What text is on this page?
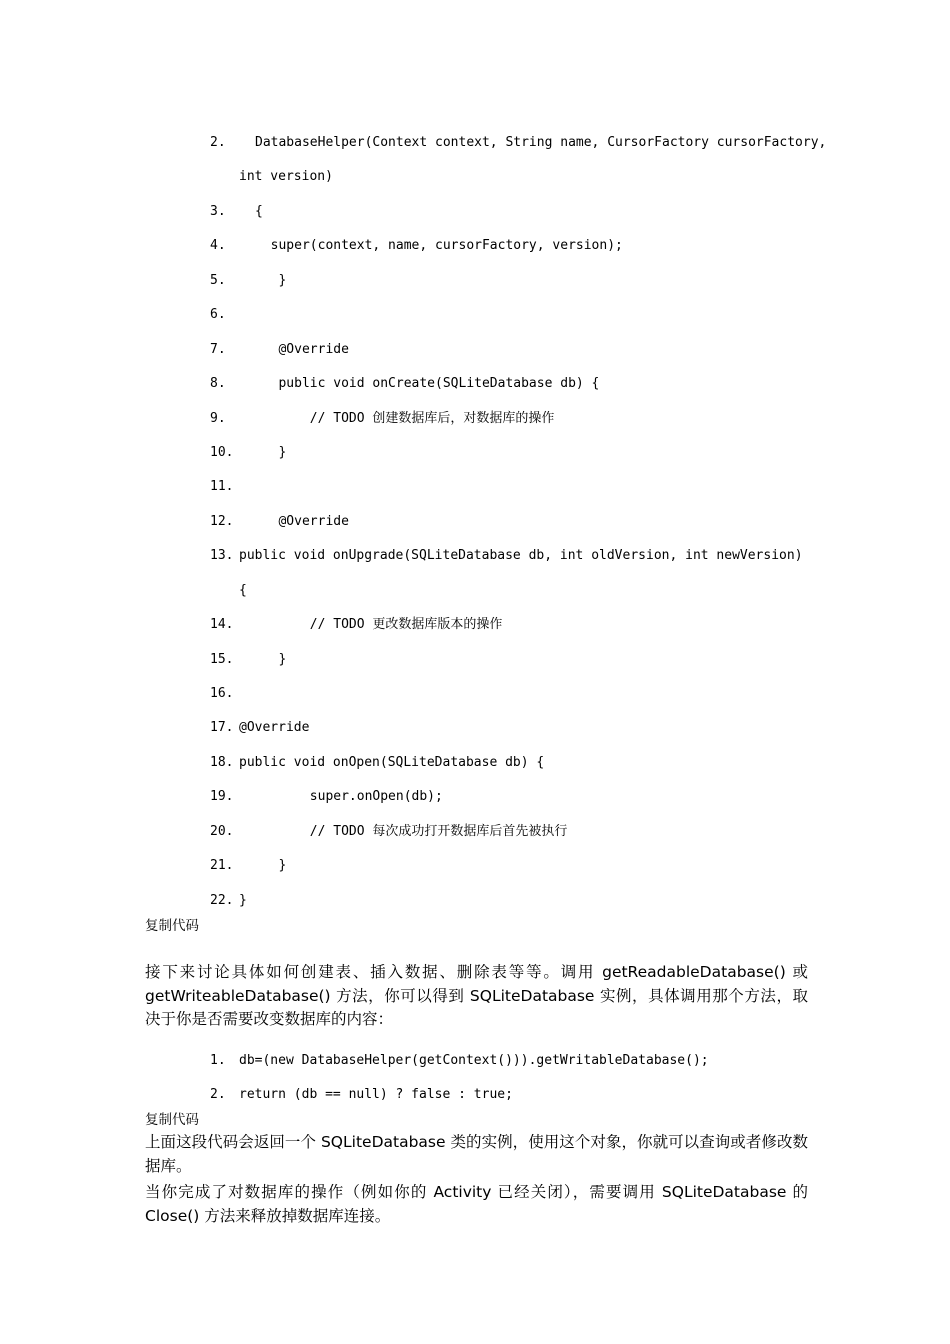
2. DatabaseHelper(Context context, String name, CursorFactory cursorFactory,
int version)
3. {
4. super(context, name, cursorFactory, version);
5. }
6.
7. @Override
8. public void onCreate(SQLiteDatabase db) {
9. // TODO 创建数据库后，对数据库的操作
10. }
11.
12. @Override
13. public void onUpgrade(SQLiteDatabase db, int oldVersion, int newVersion)
{
14. // TODO 更改数据库版本的操作
15. }
16.
17. @Override
18. public void onOpen(SQLiteDatabase db) {
19. super.onOpen(db);
20. // TODO 每次成功打开数据库后首先被执行
21. }
22. }
复制代码
接下来讨论具体如何创建表、插入数据、删除表等等。调用 getReadableDatabase() 或 getWriteableDatabase() 方法，你可以得到 SQLiteDatabase 实例，具体调用那个方法，取决于你是否需要改变数据库的内容：
1. db=(new DatabaseHelper(getContext())).getWritableDatabase();
2. return (db == null) ? false : true;
复制代码
上面这段代码会返回一个 SQLiteDatabase 类的实例，使用这个对象，你就可以查询或者修改数据库。
当你完成了对数据库的操作（例如你的 Activity 已经关闭），需要调用 SQLiteDatabase 的 Close() 方法来释放掉数据库连接。
